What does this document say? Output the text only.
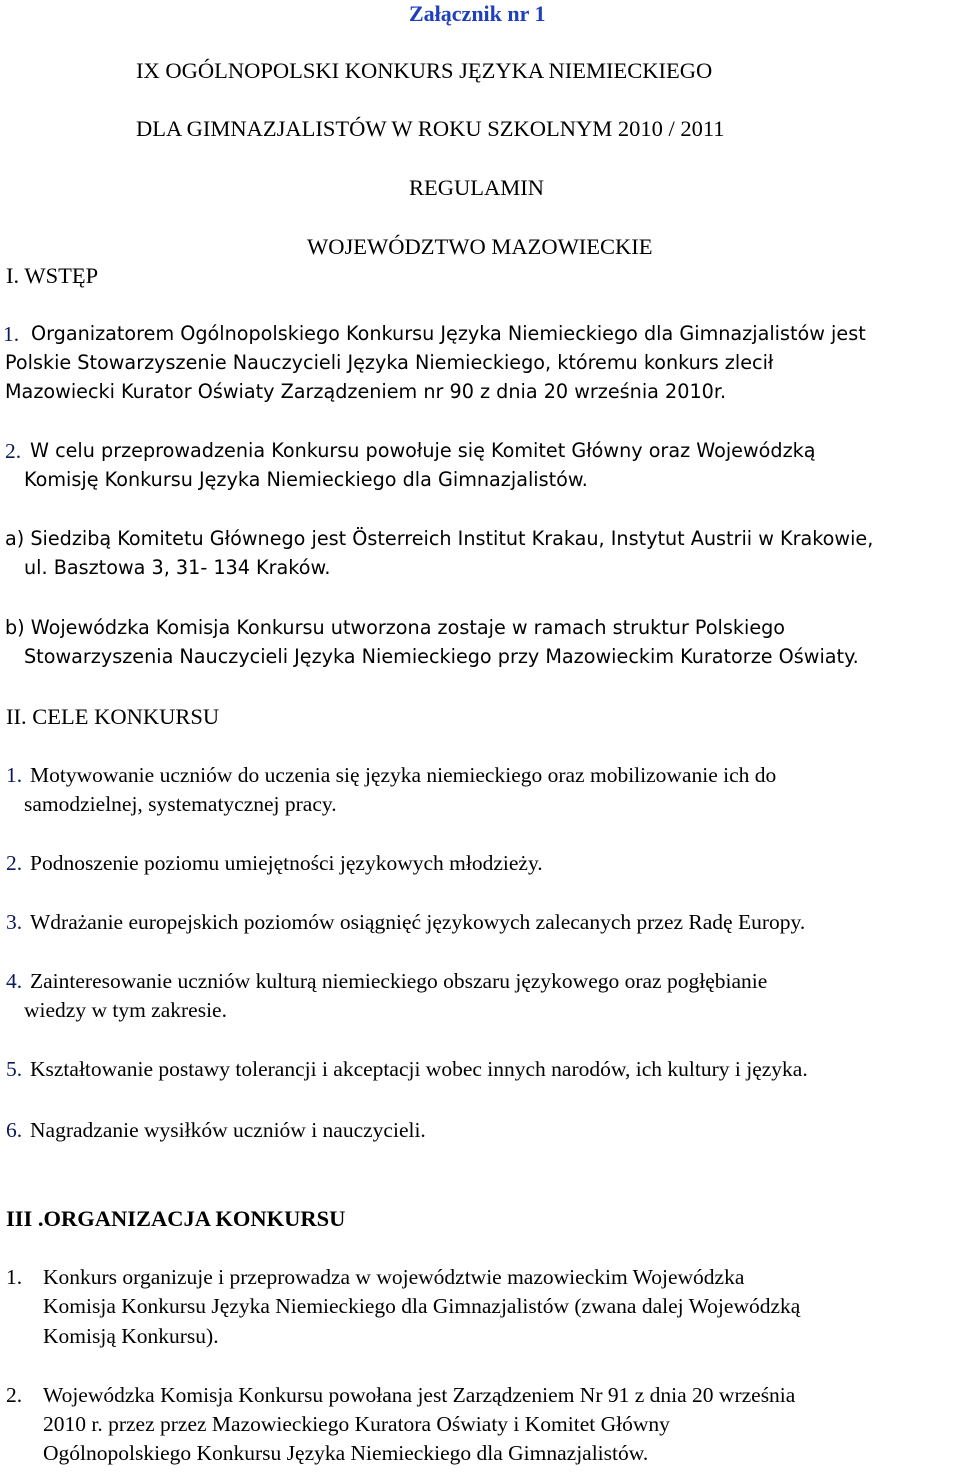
Załącznik nr 1
IX OGÓLNOPOLSKI KONKURS JĘZYKA NIEMIECKIEGO
DLA GIMNAZJALISTÓW W ROKU SZKOLNYM 2010 / 2011
REGULAMIN
WOJEWÓDZTWO MAZOWIECKIE
I. WSTĘP
1. Organizatorem Ogólnopolskiego Konkursu Języka Niemieckiego dla Gimnazjalistów jest
Polskie Stowarzyszenie Nauczycieli Języka Niemieckiego, któremu konkurs zlecił
Mazowiecki Kurator Oświaty Zarządzeniem nr 90 z dnia 20 września 2010r.
2. W celu przeprowadzenia Konkursu powołuje się Komitet Główny oraz Wojewódzką
Komisję Konkursu Języka Niemieckiego dla Gimnazjalistów.
a) Siedzibą Komitetu Głównego jest Österreich Institut Krakau, Instytut Austrii w Krakowie,
ul. Basztowa 3, 31- 134 Kraków.
b) Wojewódzka Komisja Konkursu utworzona zostaje w ramach struktur Polskiego
Stowarzyszenia Nauczycieli Języka Niemieckiego przy Mazowieckim Kuratorze Oświaty.
II. CELE KONKURSU
1. Motywowanie uczniów do uczenia się języka niemieckiego oraz mobilizowanie ich do
samodzielnej, systematycznej pracy.
2. Podnoszenie poziomu umiejętności językowych młodzieży.
3. Wdrażanie europejskich poziomów osiągnięć językowych zalecanych przez Radę Europy.
4. Zainteresowanie uczniów kulturą niemieckiego obszaru językowego oraz pogłębianie
wiedzy w tym zakresie.
5. Kształtowanie postawy tolerancji i akceptacji wobec innych narodów, ich kultury i języka.
6. Nagradzanie wysiłków uczniów i nauczycieli.
III .ORGANIZACJA KONKURSU
1. Konkurs organizuje i przeprowadza w województwie mazowieckim Wojewódzka
Komisja Konkursu Języka Niemieckiego dla Gimnazjalistów (zwana dalej Wojewódzką
Komisją Konkursu).
2. Wojewódzka Komisja Konkursu powołana jest Zarządzeniem Nr 91 z dnia 20 września
2010 r. przez przez Mazowieckiego Kuratora Oświaty i Komitet Główny
Ogólnopolskiego Konkursu Języka Niemieckiego dla Gimnazjalistów.
